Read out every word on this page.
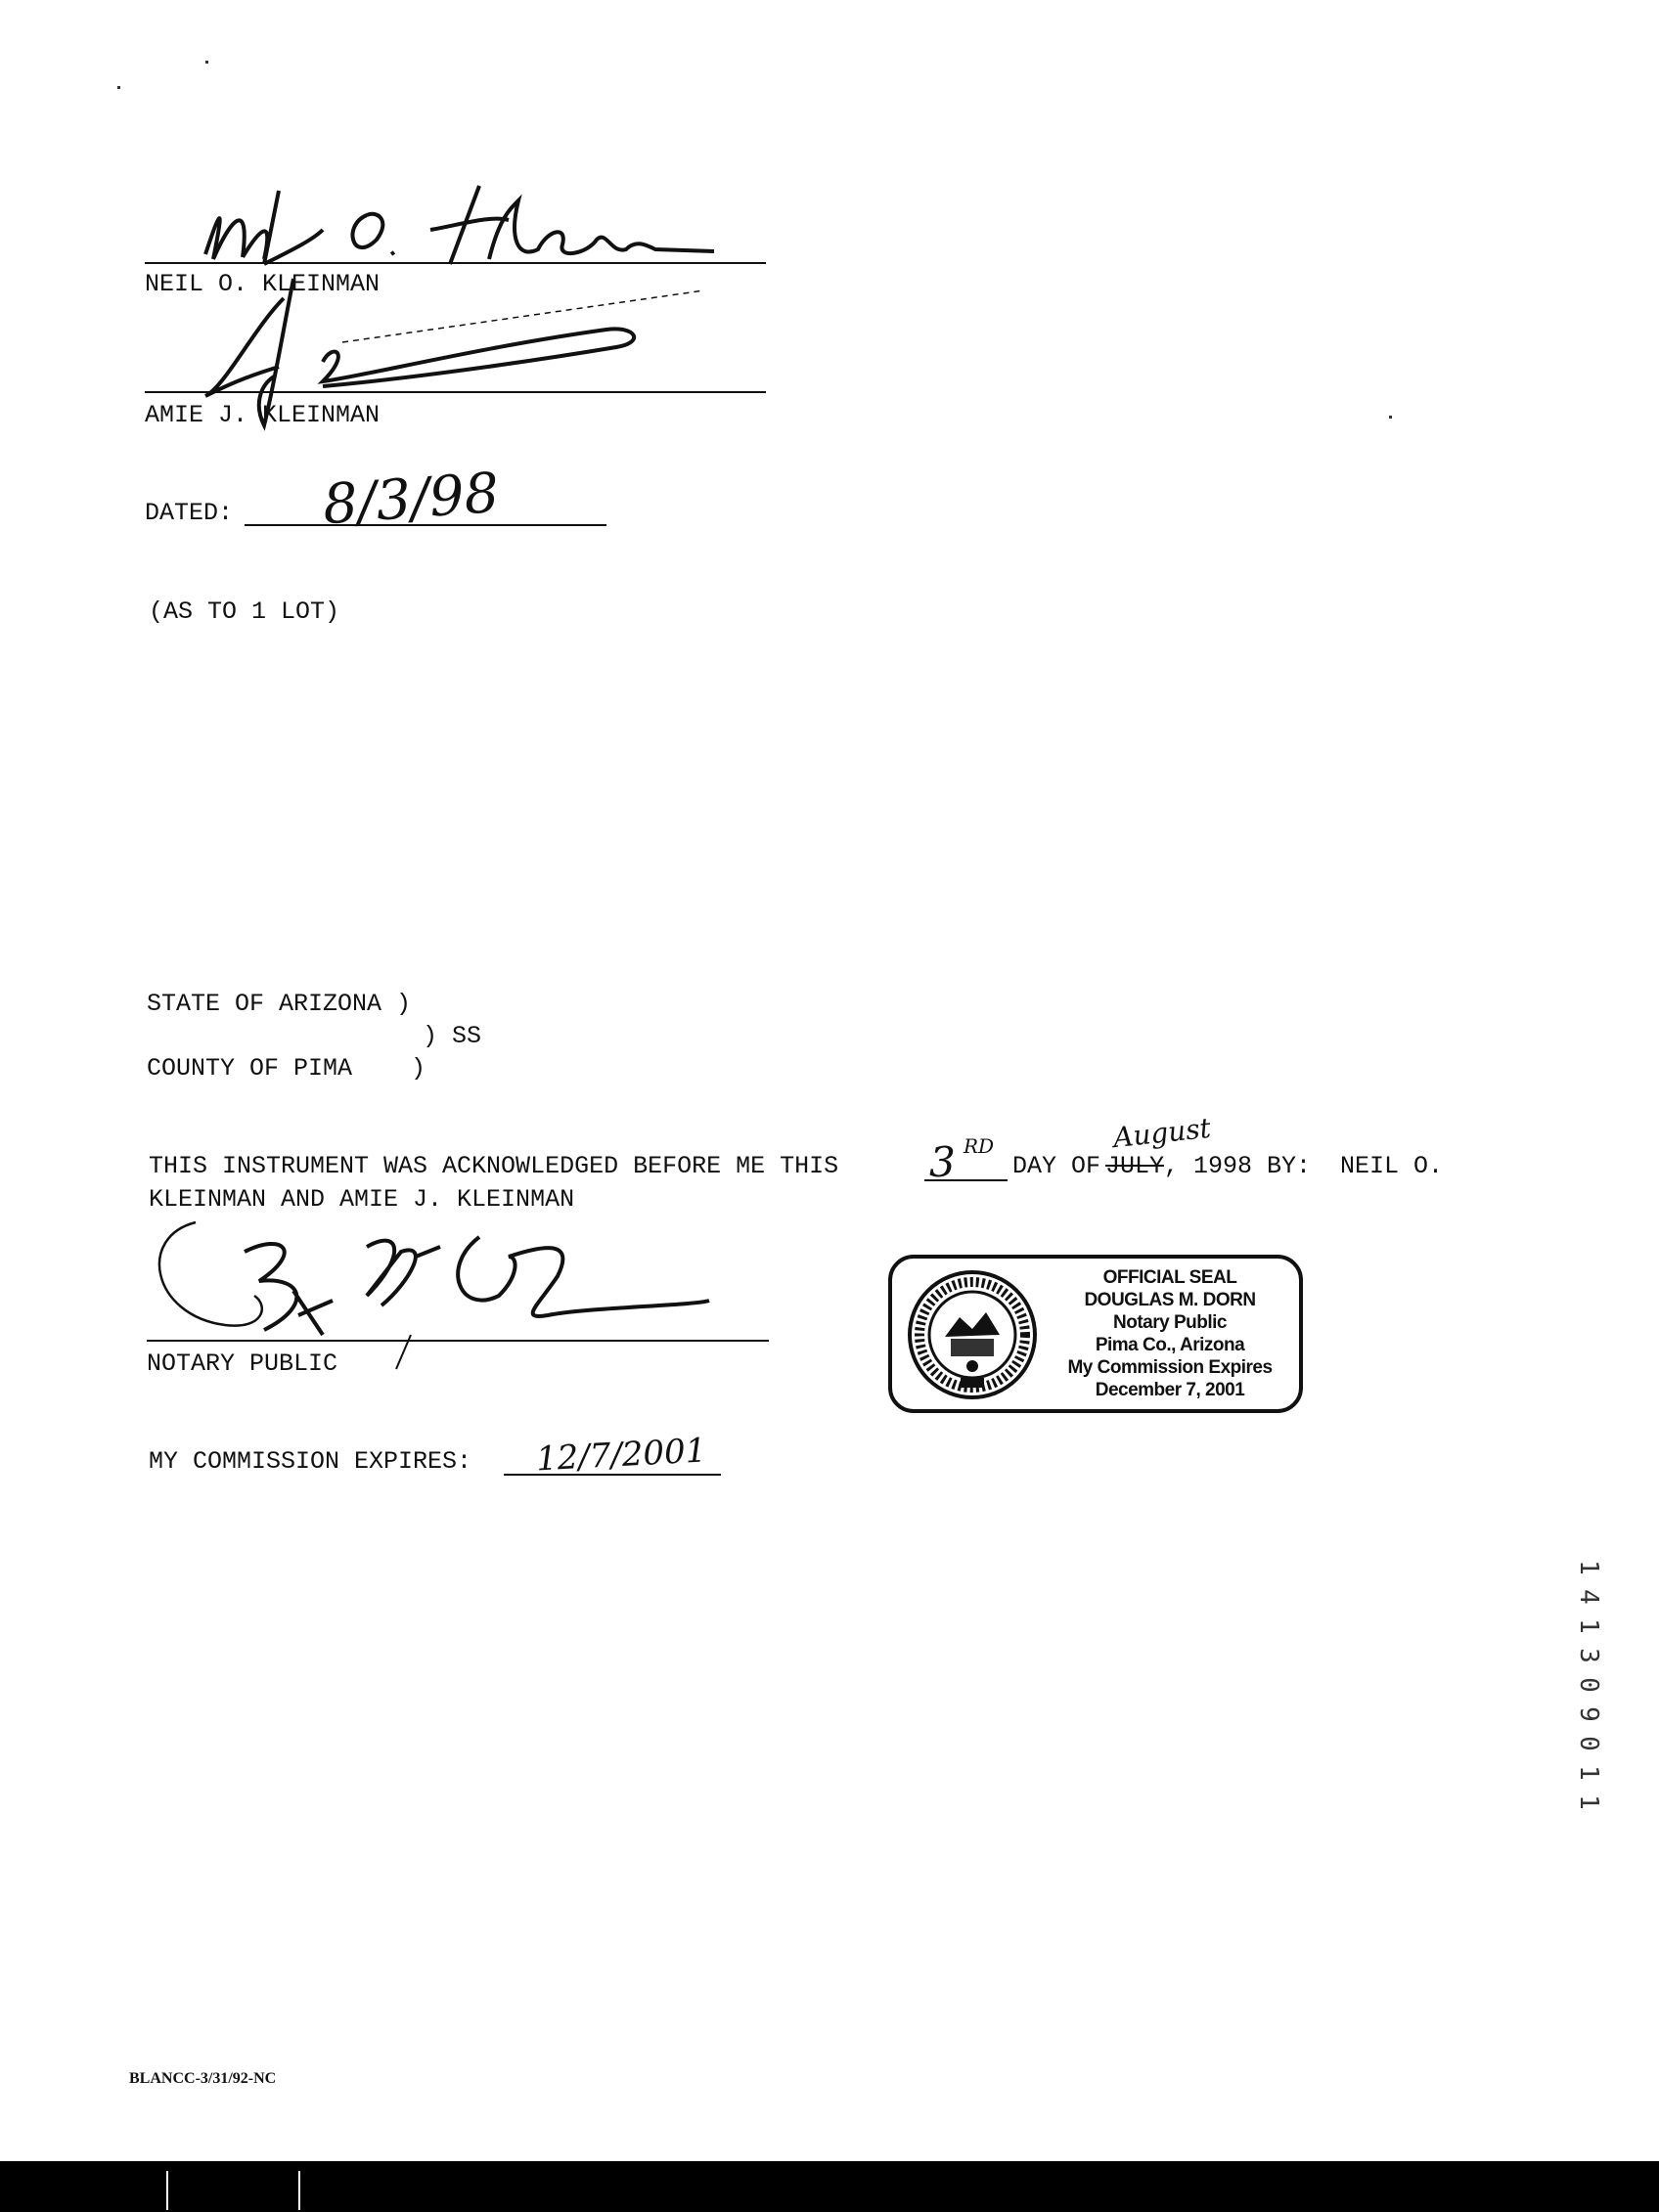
NEIL O. KLEINMAN
AMIE J. KLEINMAN
DATED: 8/3/98
(AS TO 1 LOT)
STATE OF ARIZONA )
) SS
COUNTY OF PIMA    )
THIS INSTRUMENT WAS ACKNOWLEDGED BEFORE ME THIS 3 RD
DAY OF
August
JULY , 1998 BY:  NEIL O.
KLEINMAN AND AMIE J. KLEINMAN
NOTARY PUBLIC
OFFICIAL SEAL
DOUGLAS M. DORN
Notary Public
Pima Co., Arizona
My Commission Expires
December 7, 2001
MY COMMISSION EXPIRES: 12/7/2001
1
4
1
3
0
9
0
1
1
BLANCC-3/31/92-NC
